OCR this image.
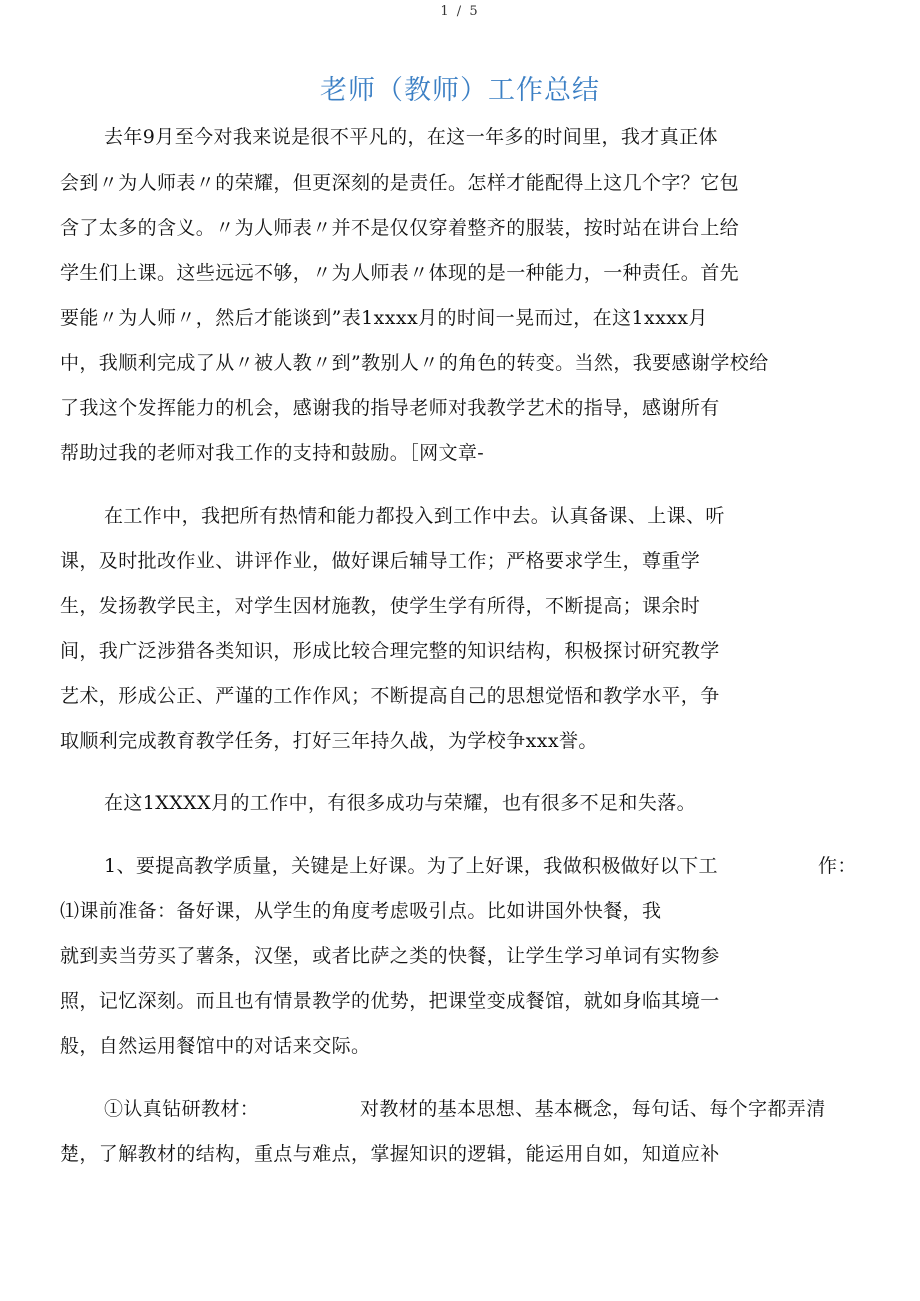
1 / 5
老师（教师）工作总结
去年9月至今对我来说是很不平凡的，在这一年多的时间里，我才真正体
会到〃为人师表〃的荣耀，但更深刻的是责任。怎样才能配得上这几个字？它包
含了太多的含义。〃为人师表〃并不是仅仅穿着整齐的服装，按时站在讲台上给
学生们上课。这些远远不够，〃为人师表〃体现的是一种能力，一种责任。首先
要能〃为人师〃，然后才能谈到”表1xxxx月的时间一晃而过，在这1xxxx月
中，我顺利完成了从〃被人教〃到”教别人〃的角色的转变。当然，我要感谢学校给
了我这个发挥能力的机会，感谢我的指导老师对我教学艺术的指导，感谢所有
帮助过我的老师对我工作的支持和鼓励。［网文章-
在工作中，我把所有热情和能力都投入到工作中去。认真备课、上课、听
课，及时批改作业、讲评作业，做好课后辅导工作；严格要求学生，尊重学
生，发扬教学民主，对学生因材施教，使学生学有所得，不断提高；课余时
间，我广泛涉猎各类知识，形成比较合理完整的知识结构，积极探讨研究教学
艺术，形成公正、严谨的工作作风；不断提高自己的思想觉悟和教学水平，争
取顺利完成教育教学任务，打好三年持久战，为学校争xxx誉。
在这1XXXX月的工作中，有很多成功与荣耀，也有很多不足和失落。
1、要提高教学质量，关键是上好课。为了上好课，我做积极做好以下工	作：
⑴课前准备：备好课，从学生的角度考虑吸引点。比如讲国外快餐，我
就到卖当劳买了薯条，汉堡，或者比萨之类的快餐，让学生学习单词有实物参
照，记忆深刻。而且也有情景教学的优势，把课堂变成餐馆，就如身临其境一
般，自然运用餐馆中的对话来交际。
①认真钻研教材：	对教材的基本思想、基本概念，每句话、每个字都弄清
楚，了解教材的结构，重点与难点，掌握知识的逻辑，能运用自如，知道应补
